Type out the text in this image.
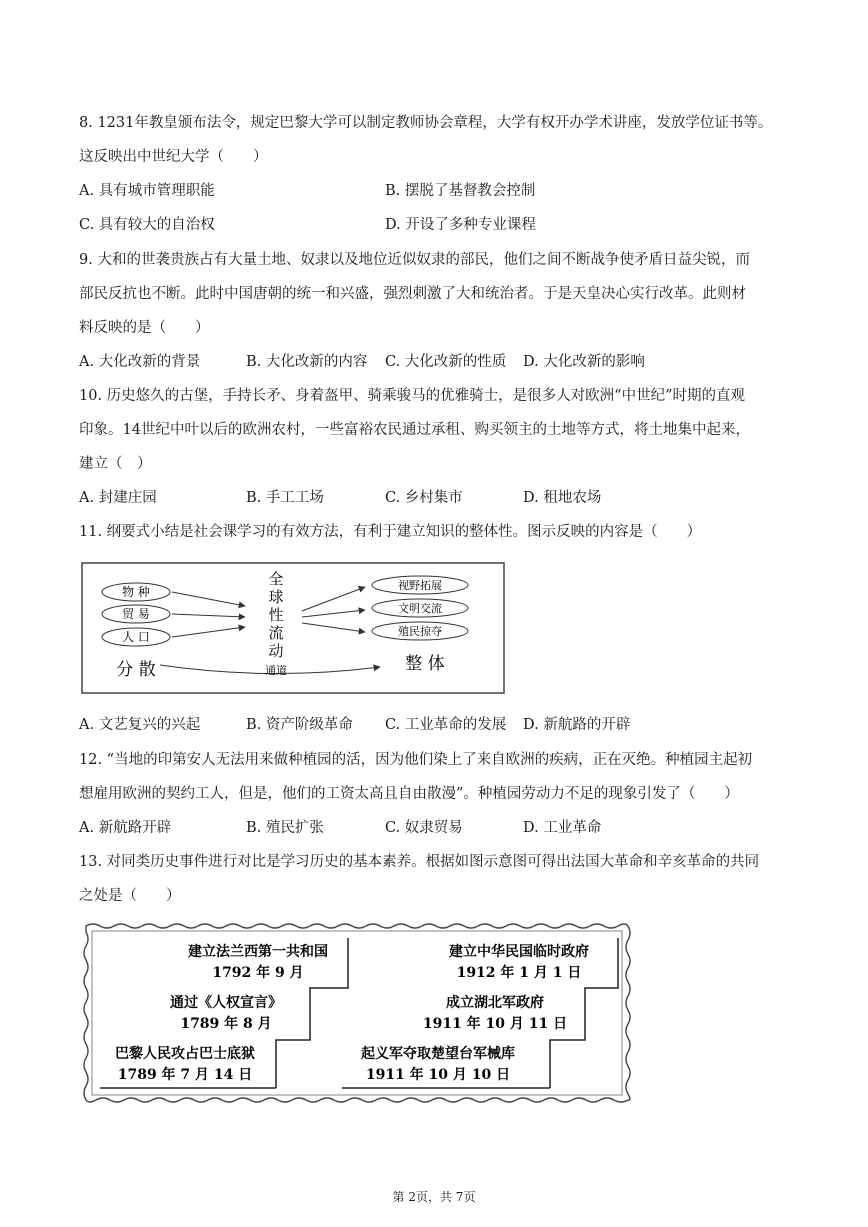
8. 1231年教皇颁布法令，规定巴黎大学可以制定教师协会章程，大学有权开办学术讲座，发放学位证书等。
这反映出中世纪大学（　　）
A. 具有城市管理职能	B. 摆脱了基督教会控制
C. 具有较大的自治权	D. 开设了多种专业课程
9. 大和的世袭贵族占有大量土地、奴隶以及地位近似奴隶的部民，他们之间不断战争使矛盾日益尖锐，而
部民反抗也不断。此时中国唐朝的统一和兴盛，强烈刺激了大和统治者。于是天皇决心实行改革。此则材
料反映的是（　　）
A. 大化改新的背景	B. 大化改新的内容 C. 大化改新的性质 D. 大化改新的影响
10. 历史悠久的古堡，手持长矛、身着盔甲、骑乘骏马的优雅骑士，是很多人对欧洲“中世纪”时期的直观
印象。14世纪中叶以后的欧洲农村，一些富裕农民通过承租、购买领主的土地等方式，将土地集中起来，
建立（　）
A. 封建庄园	B. 手工工场	C. 乡村集市	D. 租地农场
11. 纲要式小结是社会课学习的有效方法，有利于建立知识的整体性。图示反映的内容是（　　）
物 种
贸 易
人 口
全
球
性
流
动
视野拓展
文明交流
殖民掠夺
分 散	通道	整 体
A. 文艺复兴的兴起	B. 资产阶级革命 C. 工业革命的发展 D. 新航路的开辟
12. “当地的印第安人无法用来做种植园的活，因为他们染上了来自欧洲的疾病，正在灭绝。种植园主起初
想雇用欧洲的契约工人，但是，他们的工资太高且自由散漫”。种植园劳动力不足的现象引发了（　　）
A. 新航路开辟	B. 殖民扩张	C. 奴隶贸易	D. 工业革命
13. 对同类历史事件进行对比是学习历史的基本素养。根据如图示意图可得出法国大革命和辛亥革命的共同
之处是（　　）
建立法兰西第一共和国
1792 年 9 月
通过《人权宣言》
1789 年 8 月
巴黎人民攻占巴士底狱
1789 年 7 月 14 日
建立中华民国临时政府
1912 年 1 月 1 日
成立湖北军政府
1911 年 10 月 11 日
起义军夺取楚望台军械库
1911 年 10 月 10 日
第 2页，共 7页
